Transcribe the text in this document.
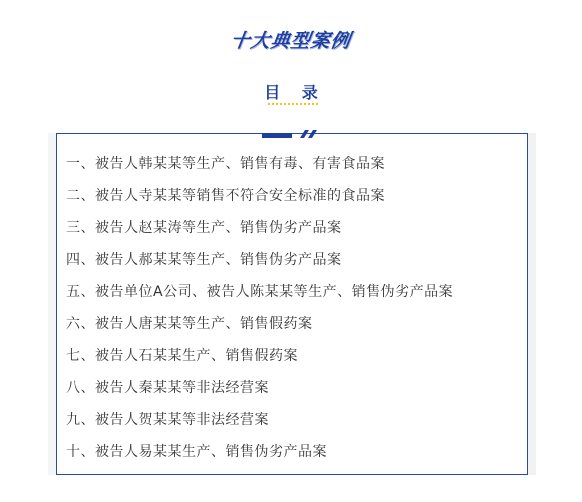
十大典型案例
目 录
一、被告人韩某某等生产、销售有毒、有害食品案
二、被告人寺某某等销售不符合安全标准的食品案
三、被告人赵某涛等生产、销售伪劣产品案
四、被告人郝某某等生产、销售伪劣产品案
五、被告单位A公司、被告人陈某某等生产、销售伪劣产品案
六、被告人唐某某等生产、销售假药案
七、被告人石某某生产、销售假药案
八、被告人秦某某等非法经营案
九、被告人贺某某等非法经营案
十、被告人易某某生产、销售伪劣产品案
